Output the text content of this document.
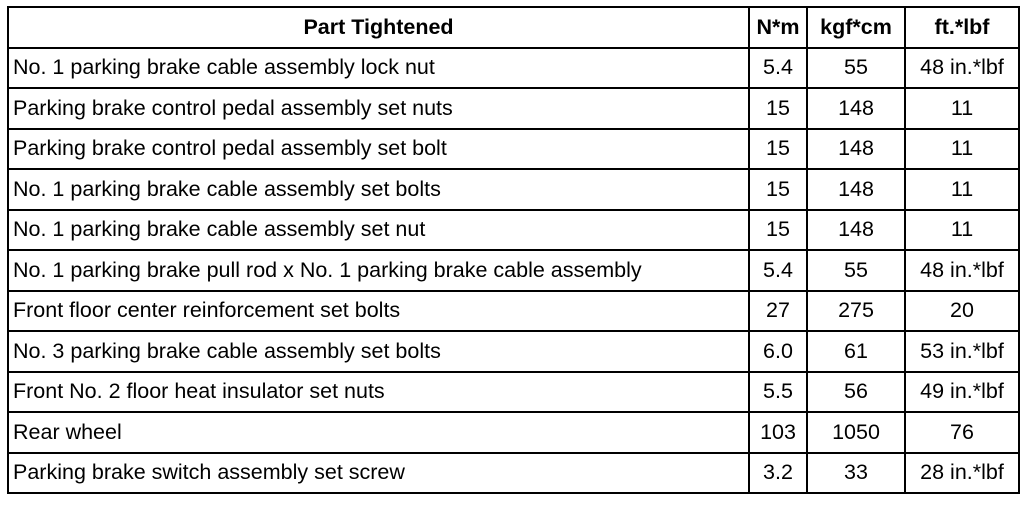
Part Tightened	N*m	kgf*cm	ft.*lbf
No. 1 parking brake cable assembly lock nut	5.4	55	48 in.*lbf
Parking brake control pedal assembly set nuts	15	148	11
Parking brake control pedal assembly set bolt	15	148	11
No. 1 parking brake cable assembly set bolts	15	148	11
No. 1 parking brake cable assembly set nut	15	148	11
No. 1 parking brake pull rod x No. 1 parking brake cable assembly	5.4	55	48 in.*lbf
Front floor center reinforcement set bolts	27	275	20
No. 3 parking brake cable assembly set bolts	6.0	61	53 in.*lbf
Front No. 2 floor heat insulator set nuts	5.5	56	49 in.*lbf
Rear wheel	103	1050	76
Parking brake switch assembly set screw	3.2	33	28 in.*lbf
